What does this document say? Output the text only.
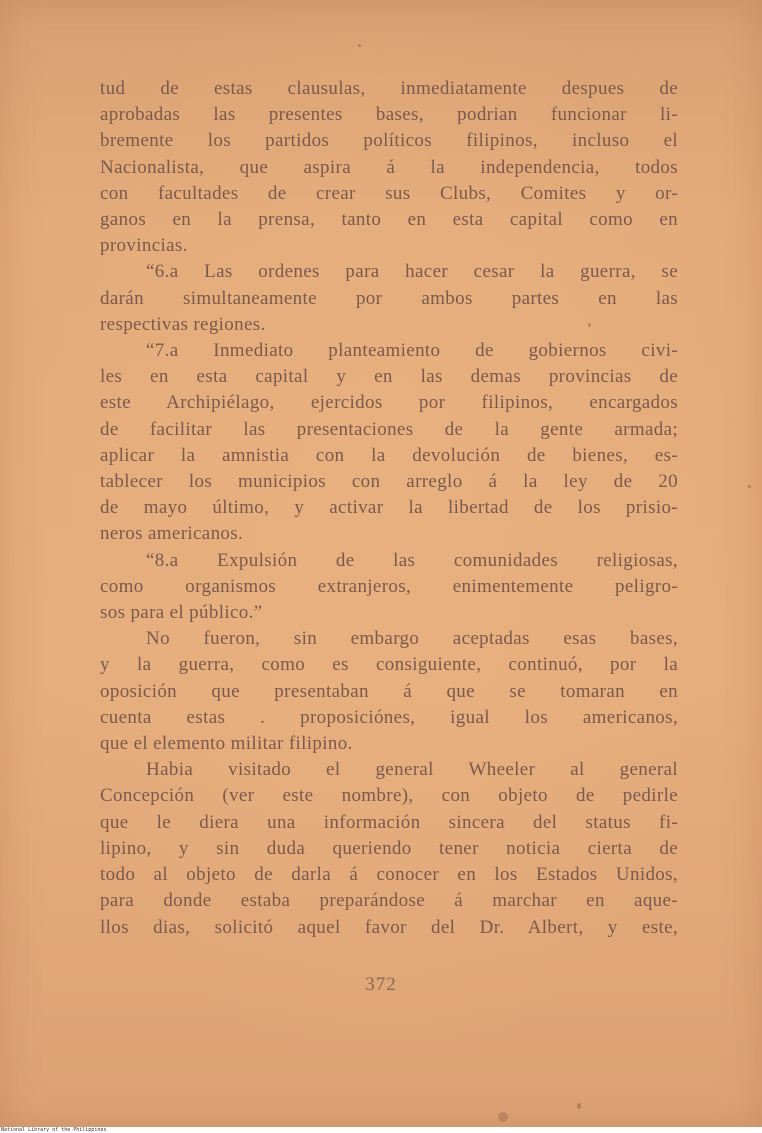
tud de estas clausulas, inmediatamente despues de
aprobadas las presentes bases, podrian funcionar li-
bremente los partidos políticos filipinos, incluso el
Nacionalista, que aspira á la independencia, todos
con facultades de crear sus Clubs, Comites y or-
ganos en la prensa, tanto en esta capital como en
provincias.
“6.a Las ordenes para hacer cesar la guerra, se
darán simultaneamente por ambos partes en las
respectivas regiones.
“7.a Inmediato planteamiento de gobiernos civi-
les en esta capital y en las demas provincias de
este Archipiélago, ejercidos por filipinos, encargados
de facilitar las presentaciones de la gente armada;
aplicar la amnistia con la devolución de bienes, es-
tablecer los municipios con arreglo á la ley de 20
de mayo último, y activar la libertad de los prisio-
neros americanos.
“8.a Expulsión de las comunidades religiosas,
como organismos extranjeros, enimentemente peligro-
sos para el público.”
No fueron, sin embargo aceptadas esas bases,
y la guerra, como es consiguiente, continuó, por la
oposición que presentaban á que se tomaran en
cuenta estas . proposiciónes, igual los americanos,
que el elemento militar filipino.
Habia visitado el general Wheeler al general
Concepción (ver este nombre), con objeto de pedirle
que le diera una información sincera del status fi-
lipino, y sin duda queriendo tener noticia cierta de
todo al objeto de darla á conocer en los Estados Unidos,
para donde estaba preparándose á marchar en aque-
llos dias, solicitó aquel favor del Dr. Albert, y este,
372
National Library of the Philippines
